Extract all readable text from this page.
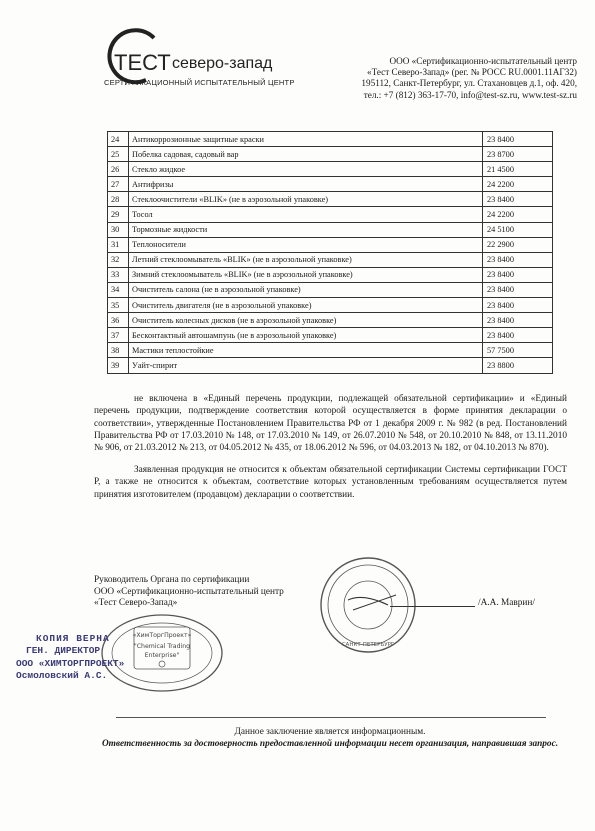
ТЕСТ северо-запад
СЕРТИФИКАЦИОННЫЙ ИСПЫТАТЕЛЬНЫЙ ЦЕНТР
ООО «Сертификационно-испытательный центр
«Тест Северо-Запад» (рег. № РОСС RU.0001.11АГ32)
195112, Санкт-Петербург, ул. Стахановцев д.1, оф. 420,
тел.: +7 (812) 363-17-70, info@test-sz.ru, www.test-sz.ru
24	Антикоррозионные защитные краски	23 8400
25	Побелка садовая, садовый вар	23 8700
26	Стекло жидкое	21 4500
27	Антифризы	24 2200
28	Стеклоочистители «BLIK» (не в аэрозольной упаковке)	23 8400
29	Тосол	24 2200
30	Тормозные жидкости	24 5100
31	Теплоносители	22 2900
32	Летний стеклоомыватель «BLIK» (не в аэрозольной упаковке)	23 8400
33	Зимний стеклоомыватель «BLIK» (не в аэрозольной упаковке)	23 8400
34	Очиститель салона (не в аэрозольной упаковке)	23 8400
35	Очиститель двигателя (не в аэрозольной упаковке)	23 8400
36	Очиститель колесных дисков (не в аэрозольной упаковке)	23 8400
37	Бесконтактный автошампунь (не в аэрозольной упаковке)	23 8400
38	Мастики теплостойкие	57 7500
39	Уайт-спирит	23 8800
не включена в «Единый перечень продукции, подлежащей обязательной сертификации» и «Единый перечень продукции, подтверждение соответствия которой осуществляется в форме принятия декларации о соответствии», утвержденные Постановлением Правительства РФ от 1 декабря 2009 г. № 982 (в ред. Постановлений Правительства РФ от 17.03.2010 № 148, от 17.03.2010 № 149, от 26.07.2010 № 548, от 20.10.2010 № 848, от 13.11.2010 № 906, от 21.03.2012 № 213, от 04.05.2012 № 435, от 18.06.2012 № 596, от 04.03.2013 № 182, от 04.10.2013 № 870).
Заявленная продукция не относится к объектам обязательной сертификации Системы сертификации ГОСТ Р, а также не относится к объектам, соответствие которых установленным требованиям осуществляется путем принятия изготовителем (продавцом) декларации о соответствии.
САНКТ-ПЕТЕРБУРГ
«ХимТоргПроект»
"Chemical Trading
Enterprise"
Руководитель Органа по сертификации
ООО «Сертификационно-испытательный центр
«Тест Северо-Запад»	/А.А. Маврин/
КОПИЯ ВЕРНА
ГЕН. ДИРЕКТОР
ООО «ХИМТОРГПРОЕКТ»
Осмоловский А.С.
Данное заключение является информационным.
Ответственность за достоверность предоставленной информации несет организация, направившая запрос.
